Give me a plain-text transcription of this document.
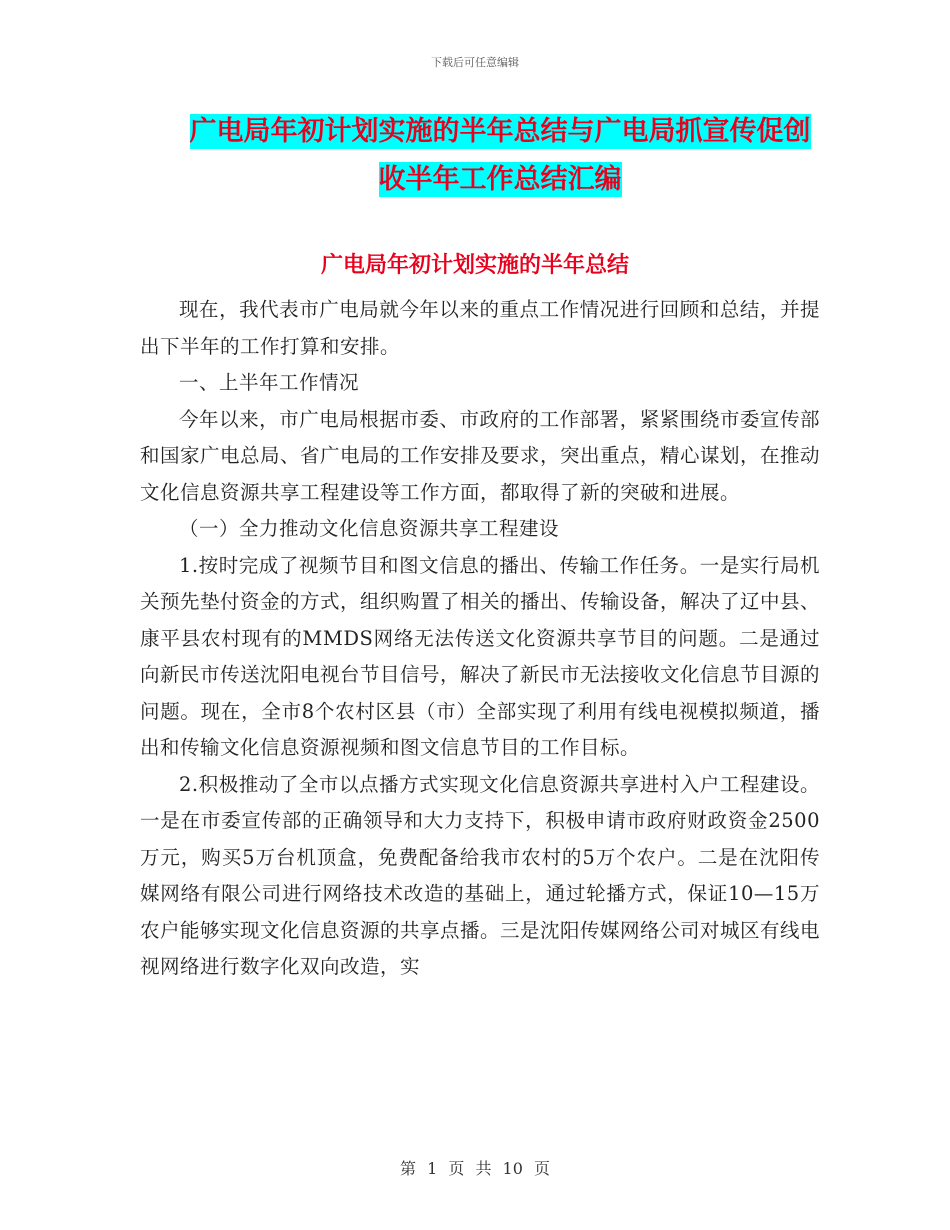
下载后可任意编辑
广电局年初计划实施的半年总结与广电局抓宣传促创
收半年工作总结汇编
广电局年初计划实施的半年总结

现在，我代表市广电局就今年以来的重点工作情况进行回顾和总结，并提出下半年的工作打算和安排。

一、上半年工作情况

今年以来，市广电局根据市委、市政府的工作部署，紧紧围绕市委宣传部和国家广电总局、省广电局的工作安排及要求，突出重点，精心谋划，在推动文化信息资源共享工程建设等工作方面，都取得了新的突破和进展。

（一）全力推动文化信息资源共享工程建设

1.按时完成了视频节目和图文信息的播出、传输工作任务。一是实行局机关预先垫付资金的方式，组织购置了相关的播出、传输设备，解决了辽中县、康平县农村现有的MMDS网络无法传送文化资源共享节目的问题。二是通过向新民市传送沈阳电视台节目信号，解决了新民市无法接收文化信息节目源的问题。现在，全市8个农村区县（市）全部实现了利用有线电视模拟频道，播出和传输文化信息资源视频和图文信息节目的工作目标。

2.积极推动了全市以点播方式实现文化信息资源共享进村入户工程建设。一是在市委宣传部的正确领导和大力支持下，积极申请市政府财政资金2500万元，购买5万台机顶盒，免费配备给我市农村的5万个农户。二是在沈阳传媒网络有限公司进行网络技术改造的基础上，通过轮播方式，保证10—15万农户能够实现文化信息资源的共享点播。三是沈阳传媒网络公司对城区有线电视网络进行数字化双向改造，实

第 1 页 共 10 页
